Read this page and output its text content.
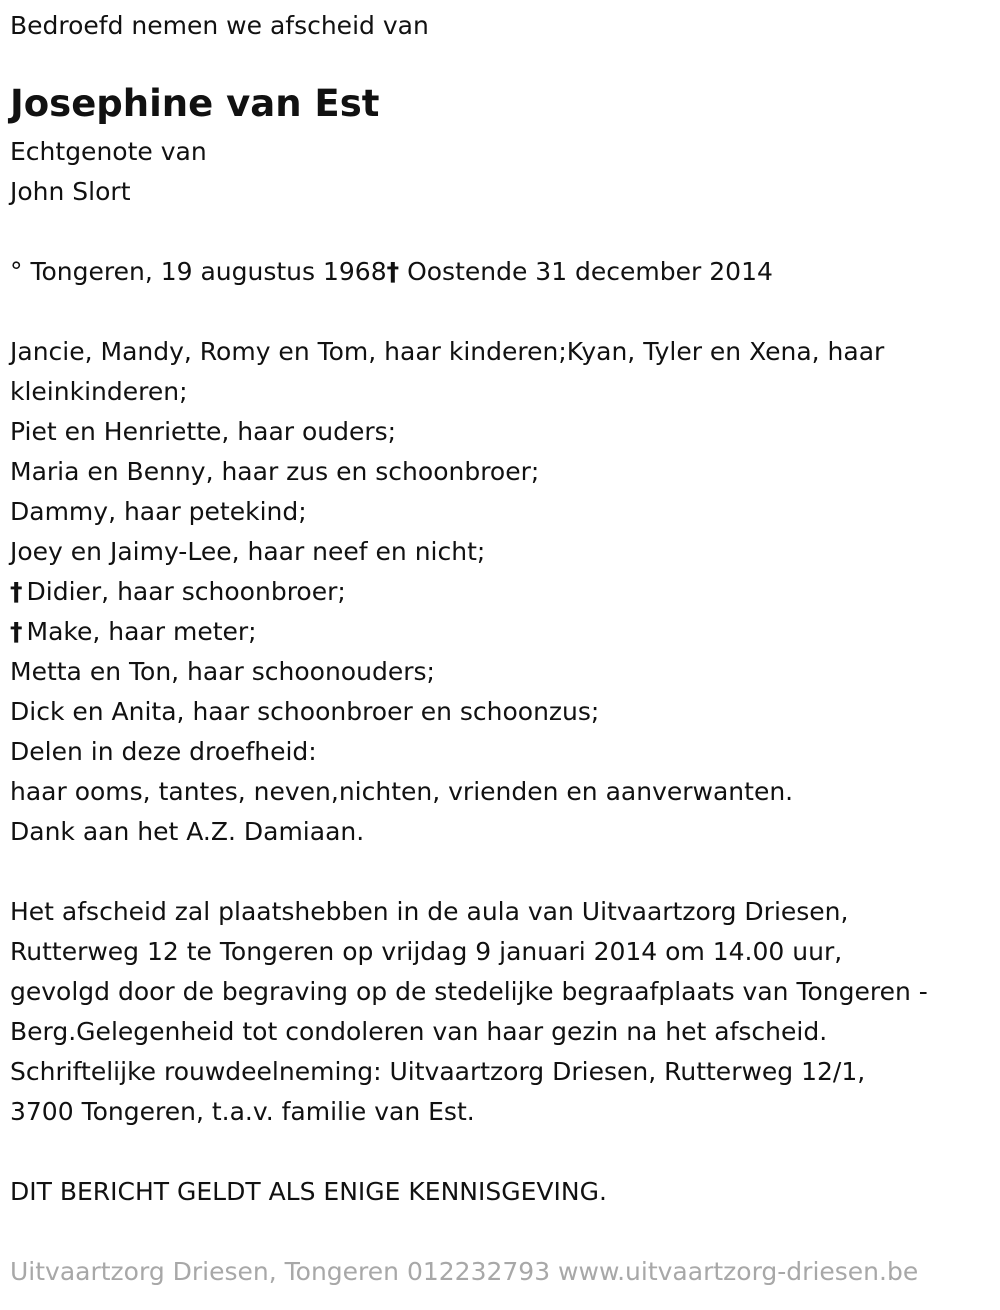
Bedroefd nemen we afscheid van
Josephine van Est
Echtgenote van
John Slort
° Tongeren, 19 augustus 1968† Oostende 31 december 2014
Jancie, Mandy, Romy en Tom, haar kinderen;Kyan, Tyler en Xena, haar
kleinkinderen;
Piet en Henriette, haar ouders;
Maria en Benny, haar zus en schoonbroer;
Dammy, haar petekind;
Joey en Jaimy-Lee, haar neef en nicht;
† Didier, haar schoonbroer;
† Make, haar meter;
Metta en Ton, haar schoonouders;
Dick en Anita, haar schoonbroer en schoonzus;
Delen in deze droefheid:
haar ooms, tantes, neven,nichten, vrienden en aanverwanten.
Dank aan het A.Z. Damiaan.
Het afscheid zal plaatshebben in de aula van Uitvaartzorg Driesen,
Rutterweg 12 te Tongeren op vrijdag 9 januari 2014 om 14.00 uur,
gevolgd door de begraving op de stedelijke begraafplaats van Tongeren -
Berg.Gelegenheid tot condoleren van haar gezin na het afscheid.
Schriftelijke rouwdeelneming: Uitvaartzorg Driesen, Rutterweg 12/1,
3700 Tongeren, t.a.v. familie van Est.
DIT BERICHT GELDT ALS ENIGE KENNISGEVING.
Uitvaartzorg Driesen, Tongeren 012232793 www.uitvaartzorg-driesen.be
